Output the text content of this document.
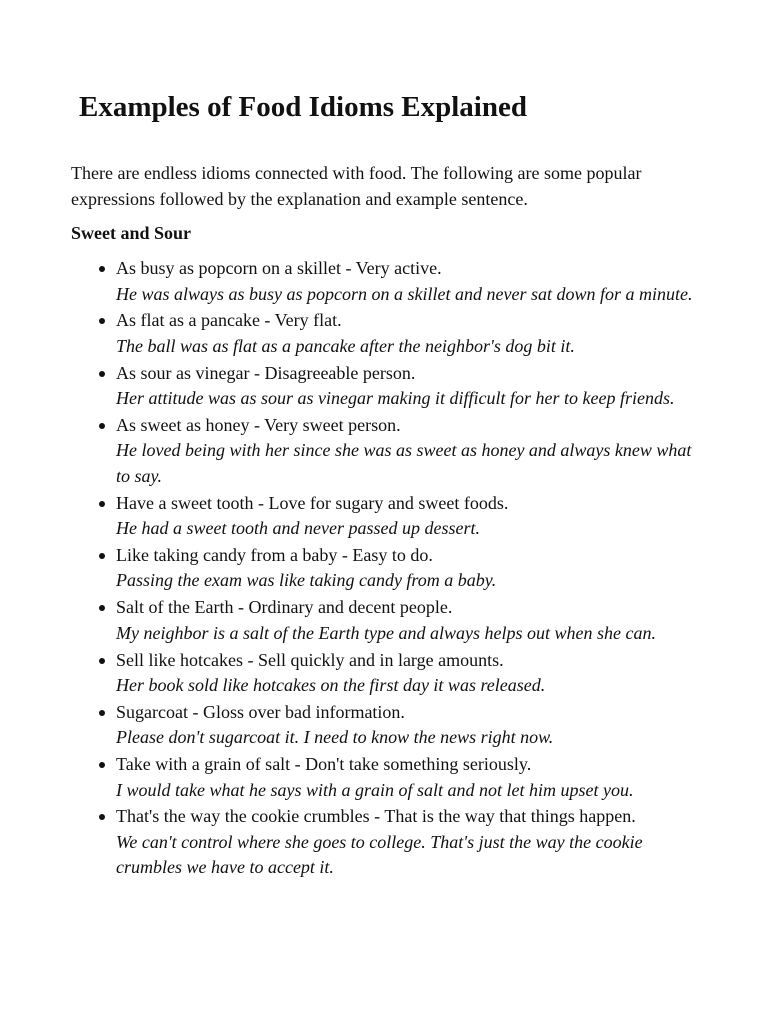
Examples of Food Idioms Explained

There are endless idioms connected with food. The following are some popular expressions followed by the explanation and example sentence.

Sweet and Sour
As busy as popcorn on a skillet - Very active.
He was always as busy as popcorn on a skillet and never sat down for a minute.
As flat as a pancake - Very flat.
The ball was as flat as a pancake after the neighbor's dog bit it.
As sour as vinegar - Disagreeable person.
Her attitude was as sour as vinegar making it difficult for her to keep friends.
As sweet as honey - Very sweet person.
He loved being with her since she was as sweet as honey and always knew what to say.
Have a sweet tooth - Love for sugary and sweet foods.
He had a sweet tooth and never passed up dessert.
Like taking candy from a baby - Easy to do.
Passing the exam was like taking candy from a baby.
Salt of the Earth - Ordinary and decent people.
My neighbor is a salt of the Earth type and always helps out when she can.
Sell like hotcakes - Sell quickly and in large amounts.
Her book sold like hotcakes on the first day it was released.
Sugarcoat - Gloss over bad information.
Please don't sugarcoat it. I need to know the news right now.
Take with a grain of salt - Don't take something seriously.
I would take what he says with a grain of salt and not let him upset you.
That's the way the cookie crumbles - That is the way that things happen.
We can't control where she goes to college. That's just the way the cookie crumbles we have to accept it.
